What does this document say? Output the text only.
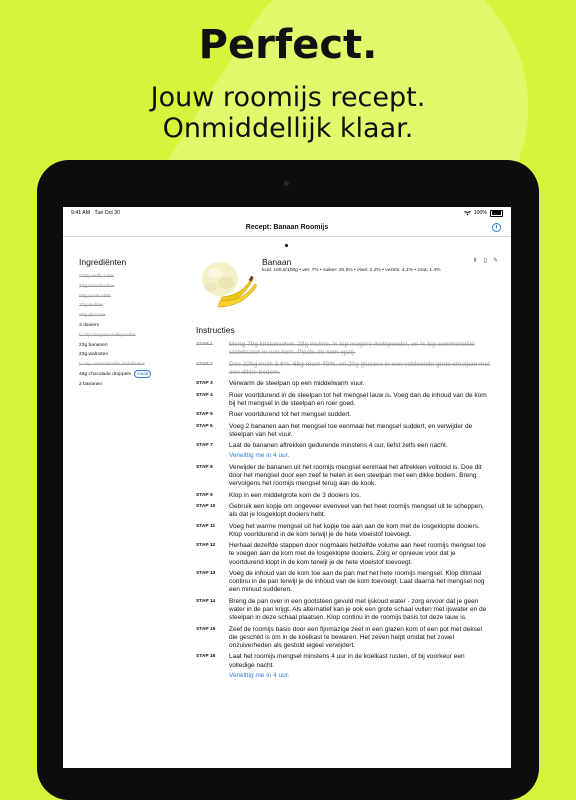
Perfect.
Jouw roomijs recept.
Onmiddellijk klaar.
9:41 AM Tue Oct 30	100%
Recept: Banaan Roomijs
Ingrediënten
225g melk 3.6%
70g kristalsuiker
65g room 40%
23g inuline
20g glucose
3 dooiers
½ tsp magere melkpoeder
23g bananen
23g walnoten
½ tsp commerciële stabilisator
46g chocolade druppels maak
2 bananen
Banaan
kcal: 159.9/100g • vet: 7% • suiker: 20.6% • eiwit: 2.2% • vezels: 4.1% • zout: 1.4%
⚱ ▯ ✎
Instructies
STAP 1	Meng 70g kristalsuiker, 23g inuline, ½ tsp magere melkpoeder, en ½ tsp commerciële stabilisator in een kom. Plaats de kom opzij.
STAP 2	Doe 225g melk 3.6%, 65g room 40%, en 20g glucose in een voldoende grote steelpan met een dikke bodem.
STAP 3	Verwarm de steelpan op een middelwarm vuur.
STAP 4	Roer voortdurend in de steelpan tot het mengsel lauw is. Voeg dan de inhoud van de kom bij het mengsel in de steelpan en roer goed.
STAP 5	Roer voortdurend tot het mengsel suddert.
STAP 6	Voeg 2 bananen aan het mengsel toe eenmaal het mengsel suddert, en verwijder de steelpan van het vuur.
STAP 7	Laat de bananen aftrekken gedurende minstens 4 uur, liefst zelfs een nacht.
Verwittig me in 4 uur.
STAP 8	Verwijder de bananen uit het roomijs mengsel eenmaal het aftrekken voltooid is. Doe dit door het mengsel door een zeef te helen in een steelpan met een dikke bodem. Breng vervolgens het roomijs mengsel terug aan de kook.
STAP 9	Klop in een middelgrote kom de 3 dooiers los.
STAP 10	Gebruik een kopje om ongeveer evenveel van het heet roomijs mengsel uit te scheppen, als dat je losgeklopt dooiers hebt.
STAP 11	Voeg het warme mengsel uit het kopje toe aan aan de kom met de losgeklopte dooiers. Klop voortdurend in de kom terwijl je de hete vloeistof toevoegt.
STAP 12	Herhaal dezelfde stappen door nogmaals hetzelfde volume aan heet roomijs mengsel toe te voegen aan de kom met de losgeklopte dooiers. Zorg er opnieuw voor dat je voortdurend klopt in de kom terwijl je de hete vloeistof toevoegt.
STAP 13	Voeg de inhoud van de kom toe aan de pan met het hete roomijs mengsel. Klop ditmaal continu in de pan terwijl je de inhoud van de kom toevoegt. Laat daarna het mengsel nog een minuut sudderen.
STAP 14	Breng de pan over in een gootsteen gevuld met ijskoud water - zorg ervoor dat je geen water in de pan krijgt. Als alternatief kan je ook een grote schaal vullen met ijswater en de steelpan in deze schaal plaatsen. Klop continu in de roomijs basis tot deze lauw is.
STAP 15	Zeef de roomijs basis door een fijnmazige zeef in een glazen kom of een pot met deksel die geschikt is om in de koelkast te bewaren. Het zeven helpt omdat het zowel onzuiverheden als gestold eigeel verwijdert.
STAP 16	Laat het roomijs mengsel minstens 4 uur in de koelkast rusten, of bij voorkeur een volledige nacht.
Verwittig me in 4 uur.
